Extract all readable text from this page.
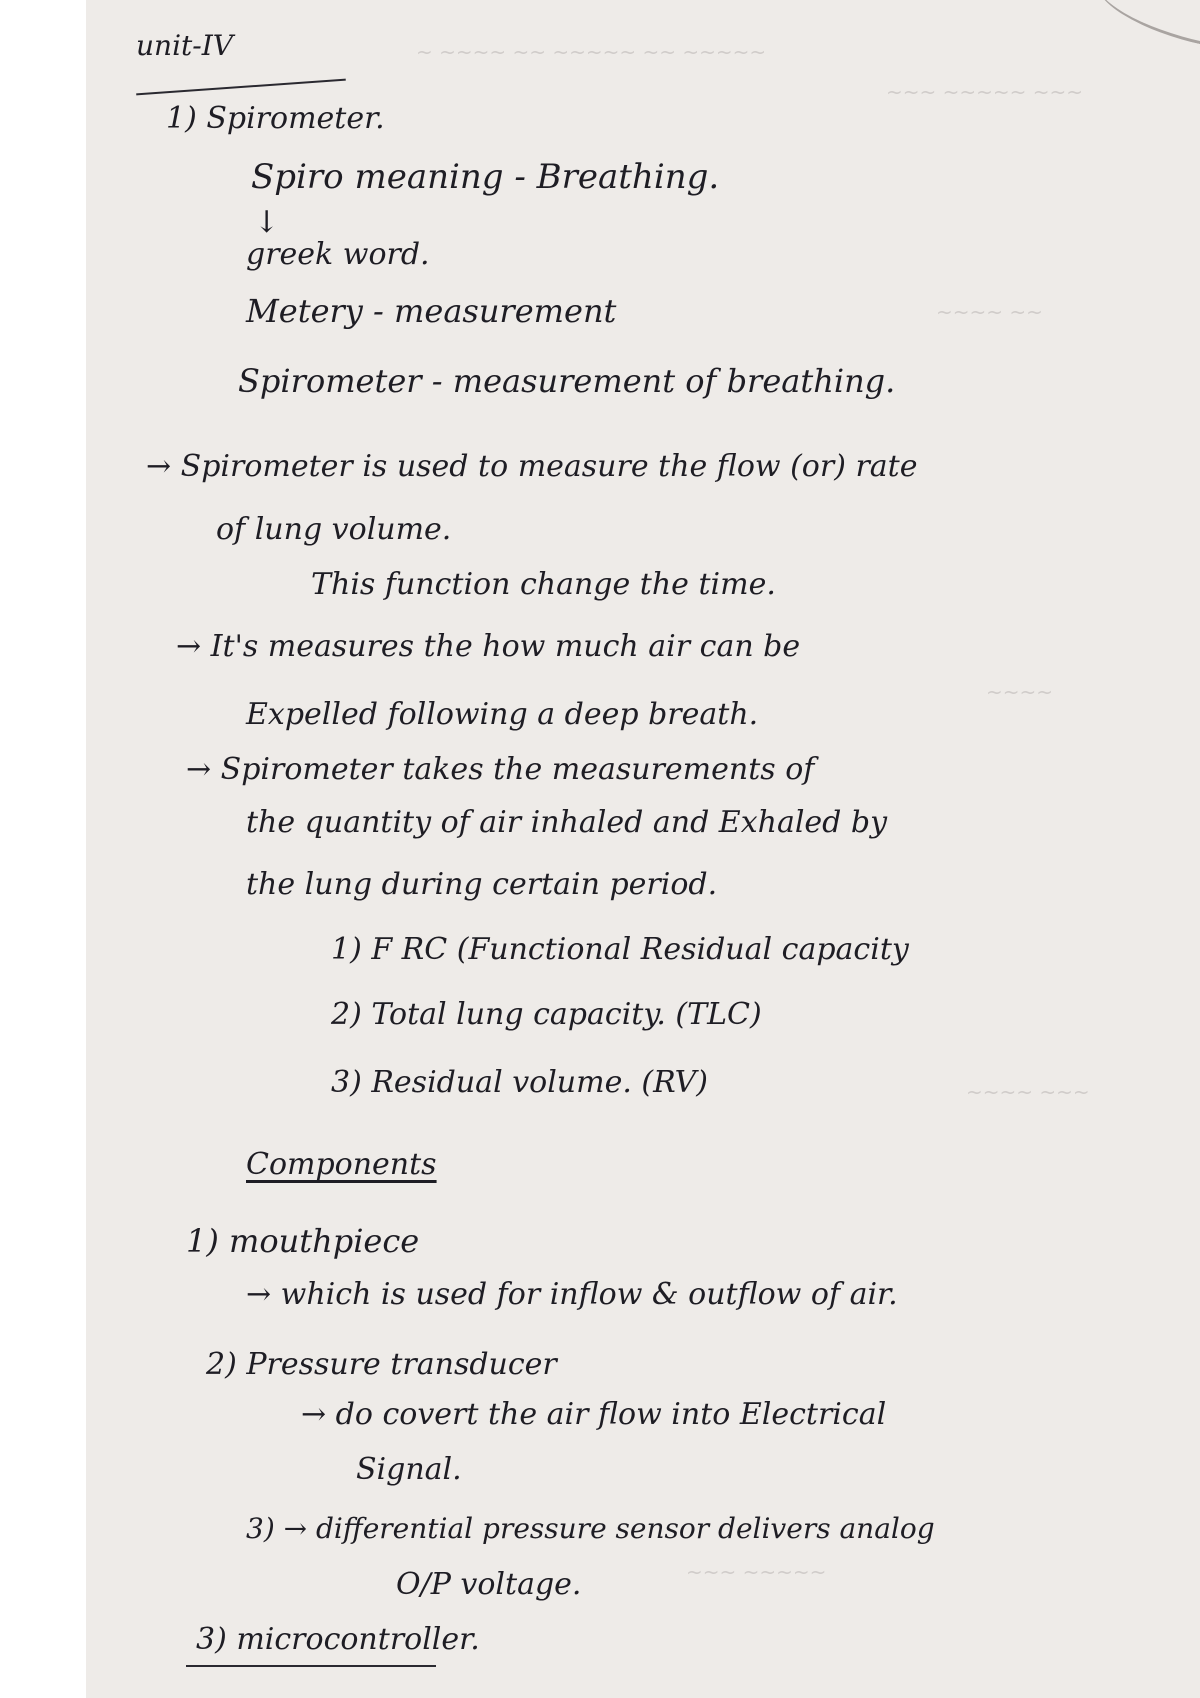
~ ~~~~ ~~ ~~~~~ ~~ ~~~~~
~~~ ~~~~~ ~~~
~~~~ ~~
~~~~
~~~~ ~~~
~~~ ~~~~~
unit-IV
1) Spirometer.
Spiro meaning - Breathing.
↓
greek word.
Metery - measurement
Spirometer - measurement of breathing.
→ Spirometer is used to measure the flow (or) rate
of lung volume.
This function change the time.
→ It's measures the how much air can be
Expelled following a deep breath.
→ Spirometer takes the measurements of
the quantity of air inhaled and Exhaled by
the lung during certain period.
1) F RC (Functional Residual capacity
2) Total lung capacity. (TLC)
3) Residual volume. (RV)
Components
1) mouthpiece
→ which is used for inflow & outflow of air.
2) Pressure transducer
→ do covert the air flow into Electrical
Signal.
3) → differential pressure sensor delivers analog
O/P voltage.
3) microcontroller.
